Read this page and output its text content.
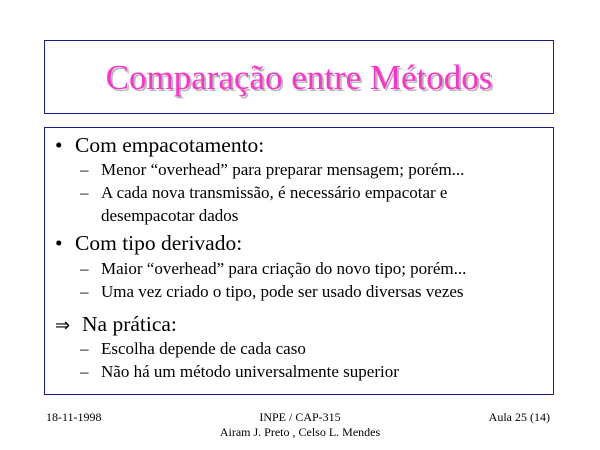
Comparação entre Métodos
• Com empacotamento:
– Menor “overhead” para preparar mensagem; porém...
– A cada nova transmissão, é necessário empacotar e
desempacotar dados
• Com tipo derivado:
– Maior “overhead” para criação do novo tipo; porém...
– Uma vez criado o tipo, pode ser usado diversas vezes
⇒ Na prática:
– Escolha depende de cada caso
– Não há um método universalmente superior
18-11-1998	INPE / CAP-315
Airam J. Preto , Celso L. Mendes
Aula 25 (14)
